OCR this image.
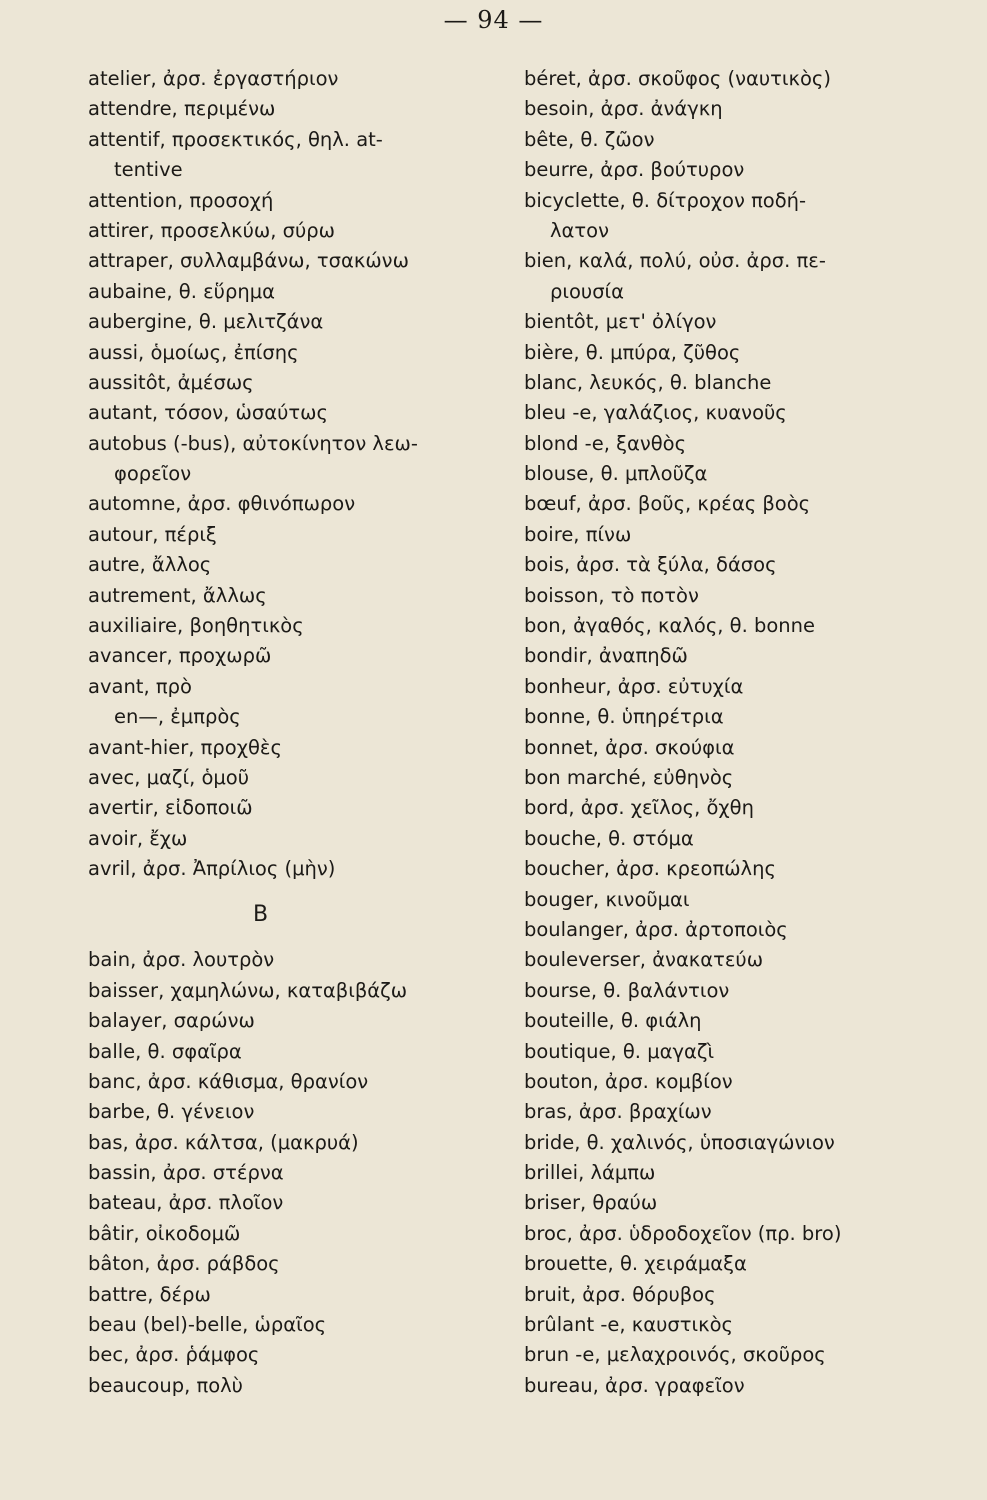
— 94 —
atelier, ἀρσ. ἐργαστήριον
attendre, περιμένω
attentif, προσεκτικός, θηλ. at-
tentive
attention, προσοχή
attirer, προσελκύω, σύρω
attraper, συλλαμβάνω, τσακώνω
aubaine, θ. εὕρημα
aubergine, θ. μελιτζάνα
aussi, ὁμοίως, ἐπίσης
aussitôt, ἀμέσως
autant, τόσον, ὡσαύτως
autobus (-bus), αὐτοκίνητον λεω-
φορεῖον
automne, ἀρσ. φθινόπωρον
autour, πέριξ
autre, ἄλλος
autrement, ἄλλως
auxiliaire, βοηθητικὸς
avancer, προχωρῶ
avant, πρὸ
en—, ἐμπρὸς
avant-hier, προχθὲς
avec, μαζί, ὁμοῦ
avertir, εἰδοποιῶ
avoir, ἔχω
avril, ἀρσ. Ἀπρίλιος (μὴν)
B
bain, ἀρσ. λουτρὸν
baisser, χαμηλώνω, καταβιβάζω
balayer, σαρώνω
balle, θ. σφαῖρα
banc, ἀρσ. κάθισμα, θρανίον
barbe, θ. γένειον
bas, ἀρσ. κάλτσα, (μακρυά)
bassin, ἀρσ. στέρνα
bateau, ἀρσ. πλοῖον
bâtir, οἰκοδομῶ
bâton, ἀρσ. ράβδος
battre, δέρω
beau (bel)-belle, ὡραῖος
bec, ἀρσ. ῥάμφος
beaucoup, πολὺ
béret, ἀρσ. σκοῦφος (ναυτικὸς)
besoin, ἀρσ. ἀνάγκη
bête, θ. ζῶον
beurre, ἀρσ. βούτυρον
bicyclette, θ. δίτροχον ποδή-
λατον
bien, καλά, πολύ, οὐσ. ἀρσ. πε-
ριουσία
bientôt, μετ' ὀλίγον
bière, θ. μπύρα, ζῦθος
blanc, λευκός, θ. blanche
bleu -e, γαλάζιος, κυανοῦς
blond -e, ξανθὸς
blouse, θ. μπλοῦζα
bœuf, ἀρσ. βοῦς, κρέας βοὸς
boire, πίνω
bois, ἀρσ. τὰ ξύλα, δάσος
boisson, τὸ ποτὸν
bon, ἀγαθός, καλός, θ. bonne
bondir, ἀναπηδῶ
bonheur, ἀρσ. εὐτυχία
bonne, θ. ὑπηρέτρια
bonnet, ἀρσ. σκούφια
bon marché, εὐθηνὸς
bord, ἀρσ. χεῖλος, ὄχθη
bouche, θ. στόμα
boucher, ἀρσ. κρεοπώλης
bouger, κινοῦμαι
boulanger, ἀρσ. ἀρτοποιὸς
bouleverser, ἀνακατεύω
bourse, θ. βαλάντιον
bouteille, θ. φιάλη
boutique, θ. μαγαζὶ
bouton, ἀρσ. κομβίον
bras, ἀρσ. βραχίων
bride, θ. χαλινός, ὑποσιαγώνιον
brillei, λάμπω
briser, θραύω
broc, ἀρσ. ὑδροδοχεῖον (πρ. bro)
brouette, θ. χειράμαξα
bruit, ἀρσ. θόρυβος
brûlant -e, καυστικὸς
brun -e, μελαχροινός, σκοῦρος
bureau, ἀρσ. γραφεῖον
